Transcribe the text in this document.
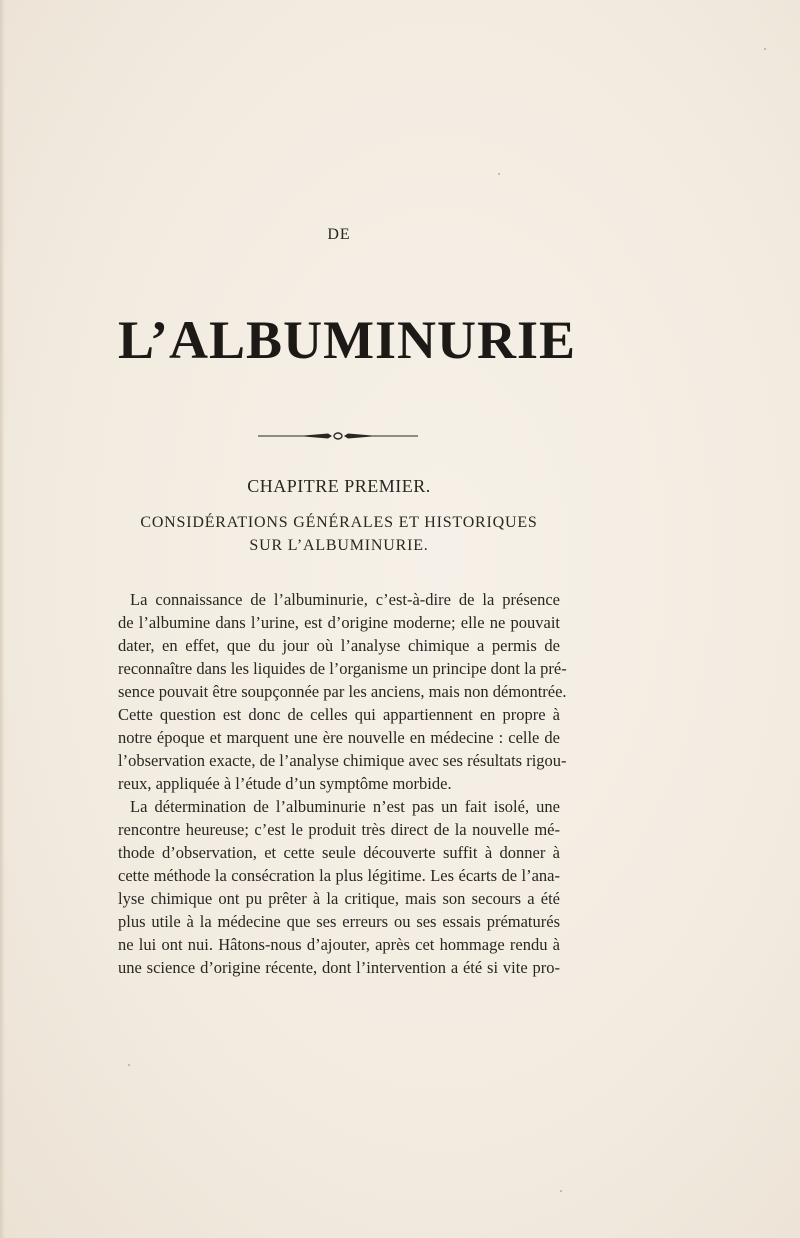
DE
L’ALBUMINURIE
CHAPITRE PREMIER.
CONSIDÉRATIONS GÉNÉRALES ET HISTORIQUES
SUR L’ALBUMINURIE.
La connaissance de l’albuminurie, c’est-à-dire de la présence
de l’albumine dans l’urine, est d’origine moderne; elle ne pouvait
dater, en effet, que du jour où l’analyse chimique a permis de
reconnaître dans les liquides de l’organisme un principe dont la pré-
sence pouvait être soupçonnée par les anciens, mais non démontrée.
Cette question est donc de celles qui appartiennent en propre à
notre époque et marquent une ère nouvelle en médecine : celle de
l’observation exacte, de l’analyse chimique avec ses résultats rigou-
reux, appliquée à l’étude d’un symptôme morbide.
La détermination de l’albuminurie n’est pas un fait isolé, une
rencontre heureuse; c’est le produit très direct de la nouvelle mé-
thode d’observation, et cette seule découverte suffit à donner à
cette méthode la consécration la plus légitime. Les écarts de l’ana-
lyse chimique ont pu prêter à la critique, mais son secours a été
plus utile à la médecine que ses erreurs ou ses essais prématurés
ne lui ont nui. Hâtons-nous d’ajouter, après cet hommage rendu à
une science d’origine récente, dont l’intervention a été si vite pro-
